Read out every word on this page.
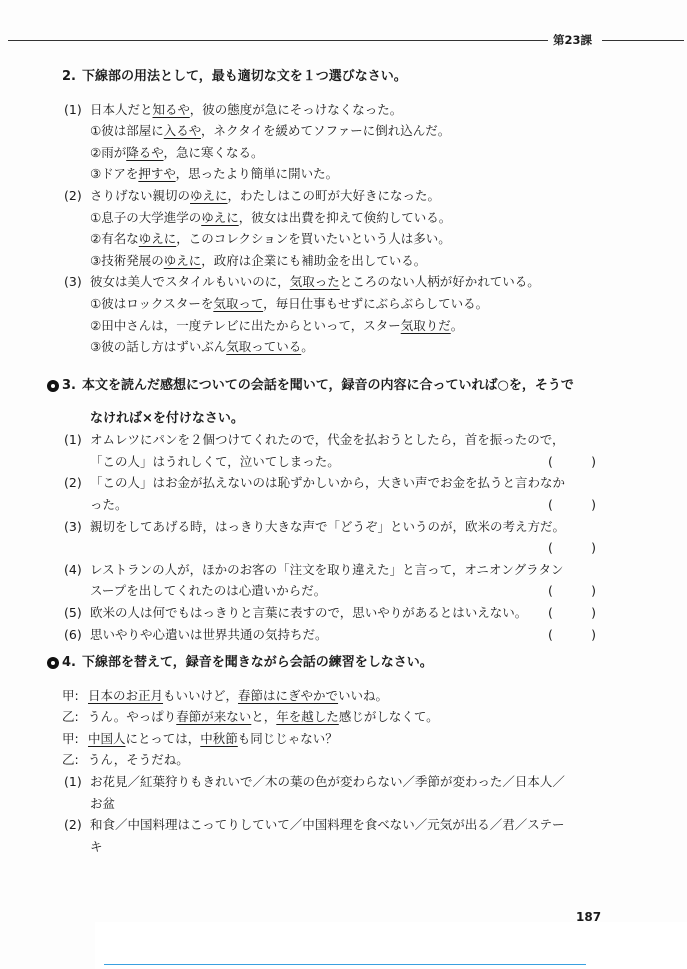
第23課
2. 下線部の用法として，最も適切な文を１つ選びなさい。
(1) 日本人だと知るや，彼の態度が急にそっけなくなった。
①彼は部屋に入るや，ネクタイを緩めてソファーに倒れ込んだ。
②雨が降るや，急に寒くなる。
③ドアを押すや，思ったより簡単に開いた。
(2) さりげない親切のゆえに，わたしはこの町が大好きになった。
①息子の大学進学のゆえに，彼女は出費を抑えて倹約している。
②有名なゆえに，このコレクションを買いたいという人は多い。
③技術発展のゆえに，政府は企業にも補助金を出している。
(3) 彼女は美人でスタイルもいいのに，気取ったところのない人柄が好かれている。
①彼はロックスターを気取って，毎日仕事もせずにぶらぶらしている。
②田中さんは，一度テレビに出たからといって，スター気取りだ。
③彼の話し方はずいぶん気取っている。
3. 本文を読んだ感想についての会話を聞いて，録音の内容に合っていれば○を，そうで
なければ×を付けなさい。
(1) オムレツにパンを２個つけてくれたので，代金を払おうとしたら，首を振ったので，
「この人」はうれしくて，泣いてしまった。	(	)
(2) 「この人」はお金が払えないのは恥ずかしいから，大きい声でお金を払うと言わなか
った。	(	)
(3) 親切をしてあげる時，はっきり大きな声で「どうぞ」というのが，欧米の考え方だ。
(	)
(4) レストランの人が，ほかのお客の「注文を取り違えた」と言って，オニオングラタン
スープを出してくれたのは心遣いからだ。	(	)
(5) 欧米の人は何でもはっきりと言葉に表すので，思いやりがあるとはいえない。 (	)
(6) 思いやりや心遣いは世界共通の気持ちだ。	(	)
4. 下線部を替えて，録音を聞きながら会話の練習をしなさい。
甲: 日本のお正月もいいけど，春節はにぎやかでいいね。
乙: うん。やっぱり春節が来ないと，年を越した感じがしなくて。
甲: 中国人にとっては，中秋節も同じじゃない？
乙: うん，そうだね。
(1) お花見／紅葉狩りもきれいで／木の葉の色が変わらない／季節が変わった／日本人／
お盆
(2) 和食／中国料理はこってりしていて／中国料理を食べない／元気が出る／君／ステー
キ
187
